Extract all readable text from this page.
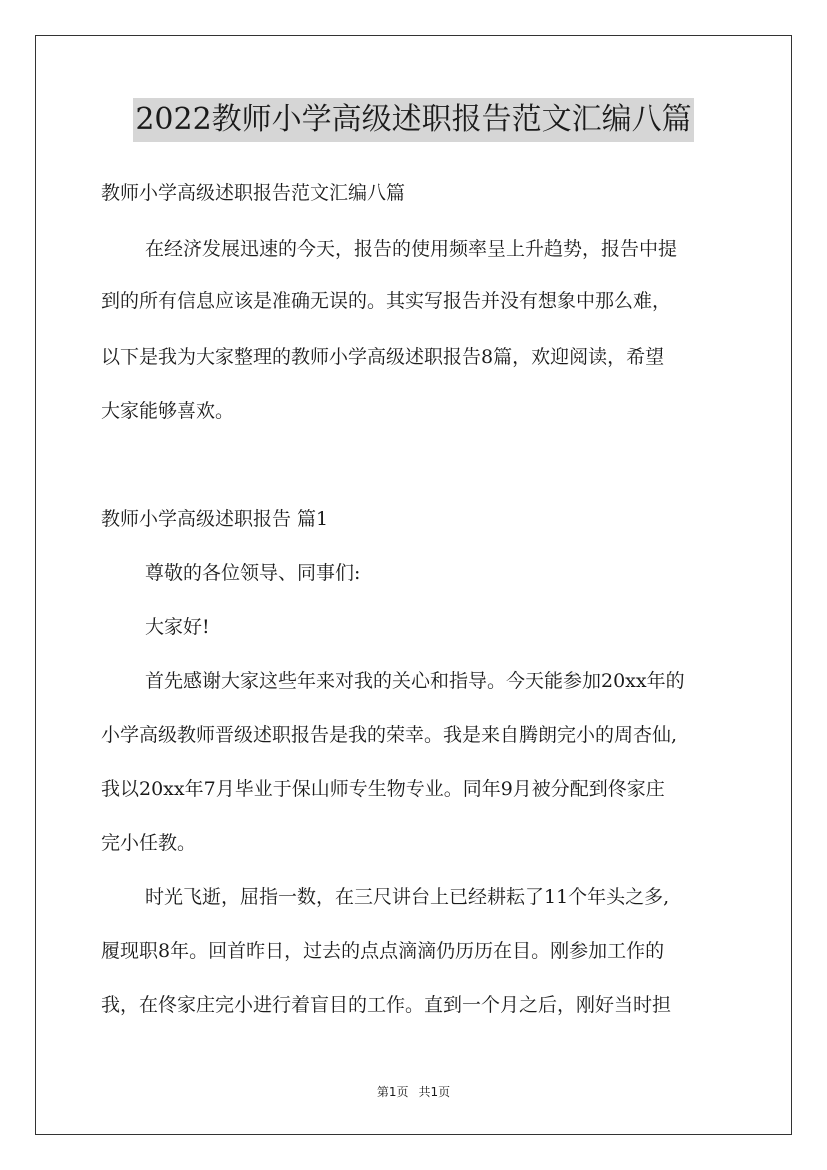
2022教师小学高级述职报告范文汇编八篇
教师小学高级述职报告范文汇编八篇
在经济发展迅速的今天，报告的使用频率呈上升趋势，报告中提
到的所有信息应该是准确无误的。其实写报告并没有想象中那么难，
以下是我为大家整理的教师小学高级述职报告8篇，欢迎阅读，希望
大家能够喜欢。
教师小学高级述职报告 篇1
尊敬的各位领导、同事们:
大家好!
首先感谢大家这些年来对我的关心和指导。今天能参加20xx年的
小学高级教师晋级述职报告是我的荣幸。我是来自腾朗完小的周杏仙,
我以20xx年7月毕业于保山师专生物专业。同年9月被分配到佟家庄
完小任教。
时光飞逝，屈指一数，在三尺讲台上已经耕耘了11个年头之多,
履现职8年。回首昨日，过去的点点滴滴仍历历在目。刚参加工作的
我，在佟家庄完小进行着盲目的工作。直到一个月之后，刚好当时担
第1页 共1页
